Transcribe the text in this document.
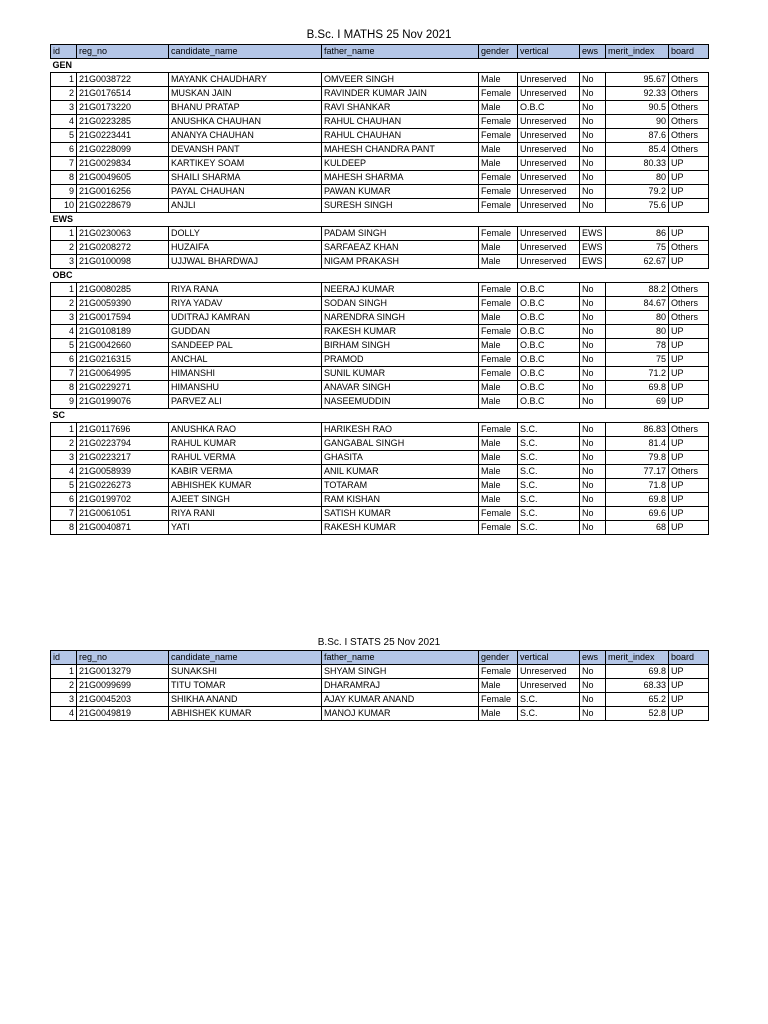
B.Sc. I MATHS 25 Nov 2021
id	reg_no	candidate_name	father_name	gender	vertical	ews	merit_index	board
GEN								
1	21G0038722	MAYANK CHAUDHARY	OMVEER SINGH	Male	Unreserved	No	95.67	Others
2	21G0176514	MUSKAN JAIN	RAVINDER KUMAR JAIN	Female	Unreserved	No	92.33	Others
3	21G0173220	BHANU PRATAP	RAVI SHANKAR	Male	O.B.C	No	90.5	Others
4	21G0223285	ANUSHKA CHAUHAN	RAHUL CHAUHAN	Female	Unreserved	No	90	Others
5	21G0223441	ANANYA CHAUHAN	RAHUL CHAUHAN	Female	Unreserved	No	87.6	Others
6	21G0228099	DEVANSH PANT	MAHESH CHANDRA PANT	Male	Unreserved	No	85.4	Others
7	21G0029834	KARTIKEY SOAM	KULDEEP	Male	Unreserved	No	80.33	UP
8	21G0049605	SHAILI SHARMA	MAHESH SHARMA	Female	Unreserved	No	80	UP
9	21G0016256	PAYAL CHAUHAN	PAWAN KUMAR	Female	Unreserved	No	79.2	UP
10	21G0228679	ANJLI	SURESH SINGH	Female	Unreserved	No	75.6	UP
EWS								
1	21G0230063	DOLLY	PADAM SINGH	Female	Unreserved	EWS	86	UP
2	21G0208272	HUZAIFA	SARFAEAZ KHAN	Male	Unreserved	EWS	75	Others
3	21G0100098	UJJWAL BHARDWAJ	NIGAM PRAKASH	Male	Unreserved	EWS	62.67	UP
OBC								
1	21G0080285	RIYA RANA	NEERAJ KUMAR	Female	O.B.C	No	88.2	Others
2	21G0059390	RIYA YADAV	SODAN SINGH	Female	O.B.C	No	84.67	Others
3	21G0017594	UDITRAJ KAMRAN	NARENDRA SINGH	Male	O.B.C	No	80	Others
4	21G0108189	GUDDAN	RAKESH KUMAR	Female	O.B.C	No	80	UP
5	21G0042660	SANDEEP PAL	BIRHAM SINGH	Male	O.B.C	No	78	UP
6	21G0216315	ANCHAL	PRAMOD	Female	O.B.C	No	75	UP
7	21G0064995	HIMANSHI	SUNIL KUMAR	Female	O.B.C	No	71.2	UP
8	21G0229271	HIMANSHU	ANAVAR SINGH	Male	O.B.C	No	69.8	UP
9	21G0199076	PARVEZ ALI	NASEEMUDDIN	Male	O.B.C	No	69	UP
SC								
1	21G0117696	ANUSHKA RAO	HARIKESH RAO	Female	S.C.	No	86.83	Others
2	21G0223794	RAHUL KUMAR	GANGABAL SINGH	Male	S.C.	No	81.4	UP
3	21G0223217	RAHUL VERMA	GHASITA	Male	S.C.	No	79.8	UP
4	21G0058939	KABIR VERMA	ANIL KUMAR	Male	S.C.	No	77.17	Others
5	21G0226273	ABHISHEK KUMAR	TOTARAM	Male	S.C.	No	71.8	UP
6	21G0199702	AJEET SINGH	RAM KISHAN	Male	S.C.	No	69.8	UP
7	21G0061051	RIYA RANI	SATISH KUMAR	Female	S.C.	No	69.6	UP
8	21G0040871	YATI	RAKESH KUMAR	Female	S.C.	No	68	UP
B.Sc. I STATS 25 Nov 2021
id	reg_no	candidate_name	father_name	gender	vertical	ews	merit_index	board
1	21G0013279	SUNAKSHI	SHYAM SINGH	Female	Unreserved	No	69.8	UP
2	21G0099699	TITU TOMAR	DHARAMRAJ	Male	Unreserved	No	68.33	UP
3	21G0045203	SHIKHA ANAND	AJAY KUMAR ANAND	Female	S.C.	No	65.2	UP
4	21G0049819	ABHISHEK KUMAR	MANOJ KUMAR	Male	S.C.	No	52.8	UP
